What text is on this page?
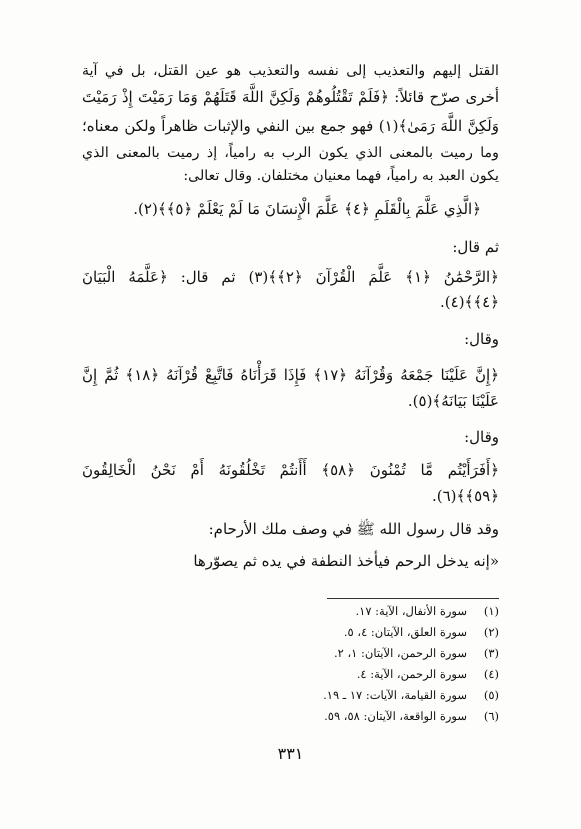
القتل إليهم والتعذيب إلى نفسه والتعذيب هو عين القتل، بل في آية
أخرى صرّح قائلاً: ﴿فَلَمْ تَقْتُلُوهُمْ وَلَكِنَّ اللَّهَ قَتَلَهُمْ وَمَا رَمَيْتَ إِذْ رَمَيْتَ
وَلَكِنَّ اللَّهَ رَمَىٰ﴾(١) فهو جمع بين النفي والإثبات ظاهراً ولكن معناه؛
وما رميت بالمعنى الذي يكون الرب به رامياً، إذ رميت بالمعنى الذي
يكون العبد به رامياً، فهما معنيان مختلفان. وقال تعالى:
﴿الَّذِي عَلَّمَ بِالْقَلَمِ ﴿٤﴾ عَلَّمَ الْإِنسَانَ مَا لَمْ يَعْلَمْ ﴿٥﴾﴾(٢).
ثم قال:
﴿الرَّحْمَٰنُ ﴿١﴾ عَلَّمَ الْقُرْآنَ ﴿٢﴾﴾(٣) ثم قال: ﴿عَلَّمَهُ الْبَيَانَ
﴿٤﴾﴾(٤).
وقال:
﴿إِنَّ عَلَيْنَا جَمْعَهُ وَقُرْآنَهُ ﴿١٧﴾ فَإِذَا قَرَأْنَاهُ فَاتَّبِعْ قُرْآنَهُ ﴿١٨﴾ ثُمَّ إِنَّ
عَلَيْنَا بَيَانَهُ﴾(٥).
وقال:
﴿أَفَرَأَيْتُم مَّا تُمْنُونَ ﴿٥٨﴾ أَأَنتُمْ تَخْلُقُونَهُ أَمْ نَحْنُ الْخَالِقُونَ
﴿٥٩﴾﴾(٦).
وقد قال رسول الله ﷺ في وصف ملك الأرحام:
«إنه يدخل الرحم فيأخذ النطفة في يده ثم يصوّرها
(١)سورة الأنفال، الآية: ١٧.
(٢)سورة العلق، الآيتان: ٤، ٥.
(٣)سورة الرحمن، الآيتان: ١، ٢.
(٤)سورة الرحمن، الآية: ٤.
(٥)سورة القيامة، الآيات: ١٧ ـ ١٩.
(٦)سورة الواقعة، الآيتان: ٥٨، ٥٩.
٣٣١
